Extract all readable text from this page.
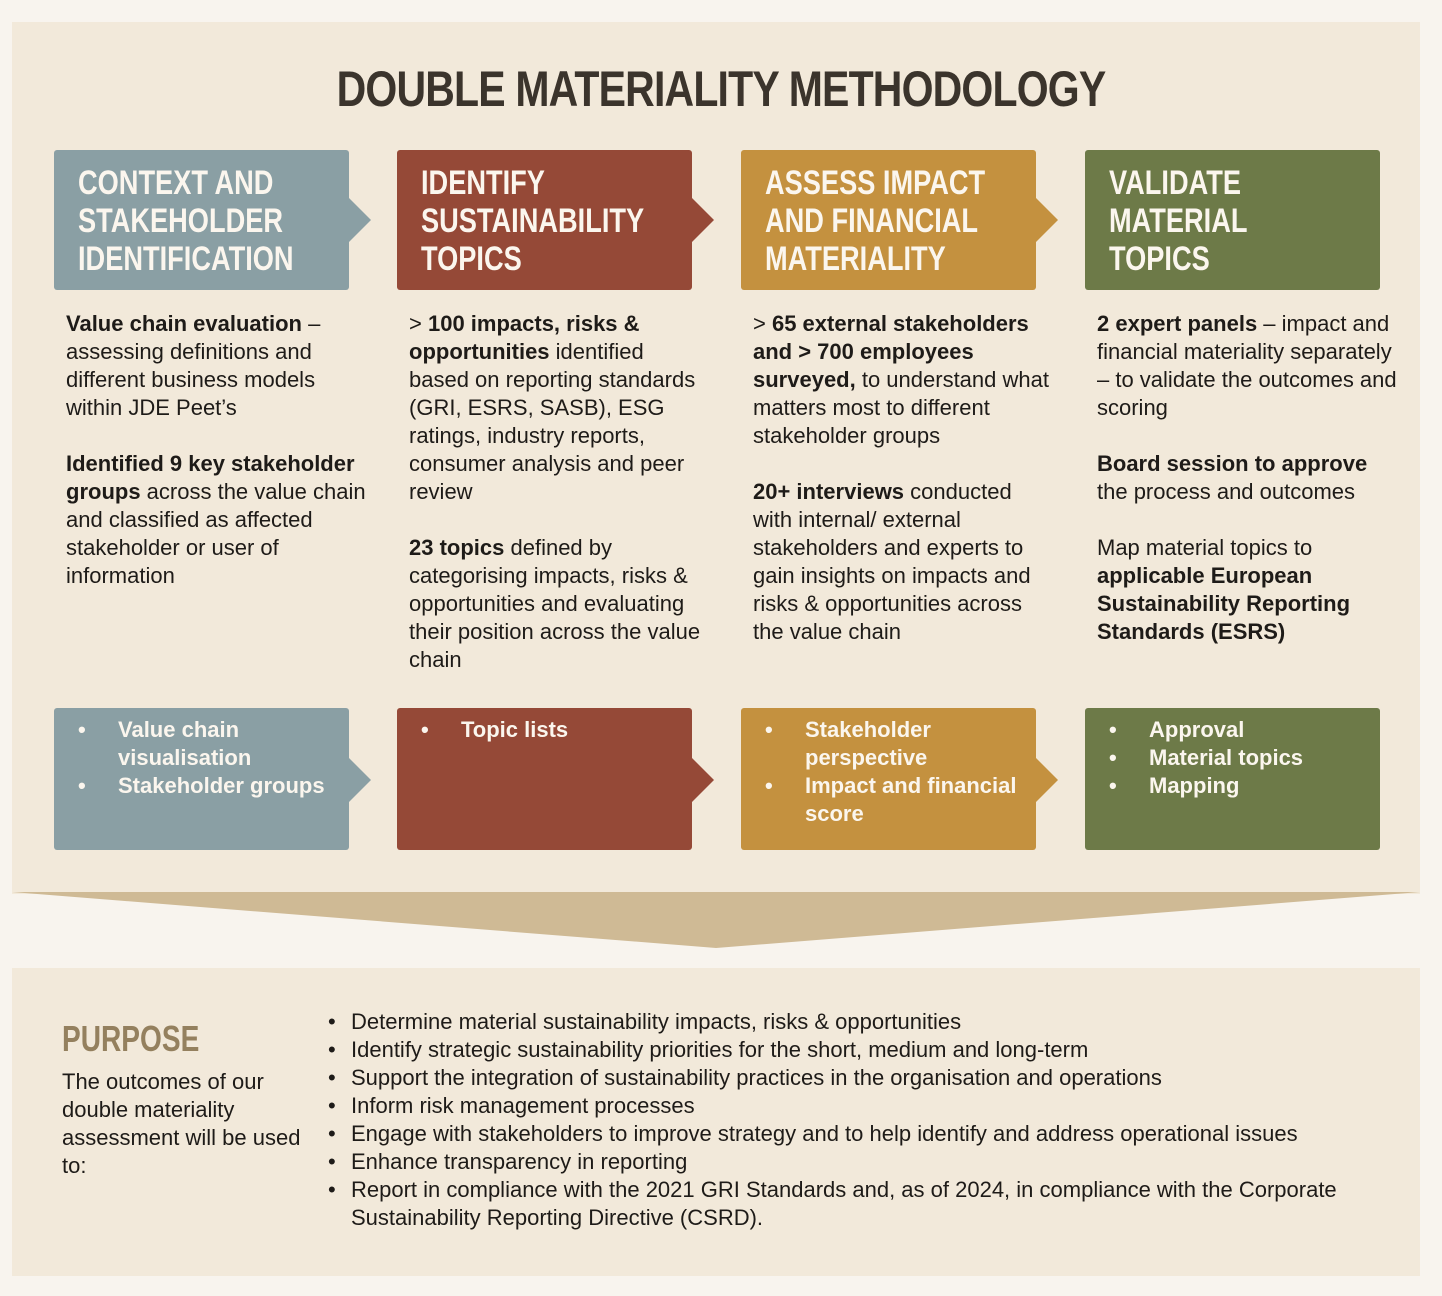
DOUBLE MATERIALITY METHODOLOGY
CONTEXT AND
STAKEHOLDER
IDENTIFICATION

Value chain evaluation – assessing definitions and different business models within JDE Peet’s

Identified 9 key stakeholder groups across the value chain and classified as affected stakeholder or user of information

• Value chain visualisation
• Stakeholder groups
IDENTIFY
SUSTAINABILITY
TOPICS

> 100 impacts, risks & opportunities identified based on reporting standards (GRI, ESRS, SASB), ESG ratings, industry reports, consumer analysis and peer review

23 topics defined by categorising impacts, risks & opportunities and evaluating their position across the value chain

• Topic lists
ASSESS IMPACT
AND FINANCIAL
MATERIALITY

> 65 external stakeholders and > 700 employees surveyed, to understand what matters most to different stakeholder groups

20+ interviews conducted with internal/ external stakeholders and experts to gain insights on impacts and risks & opportunities across the value chain

• Stakeholder perspective
• Impact and financial score
VALIDATE MATERIAL
TOPICS

2 expert panels – impact and financial materiality separately – to validate the outcomes and scoring

Board session to approve the process and outcomes

Map material topics to applicable European Sustainability Reporting Standards (ESRS)

• Approval
• Material topics
• Mapping
PURPOSE
The outcomes of our double materiality assessment will be used to:
• Determine material sustainability impacts, risks & opportunities
• Identify strategic sustainability priorities for the short, medium and long-term
• Support the integration of sustainability practices in the organisation and operations
• Inform risk management processes
• Engage with stakeholders to improve strategy and to help identify and address operational issues
• Enhance transparency in reporting
• Report in compliance with the 2021 GRI Standards and, as of 2024, in compliance with the Corporate Sustainability Reporting Directive (CSRD).
